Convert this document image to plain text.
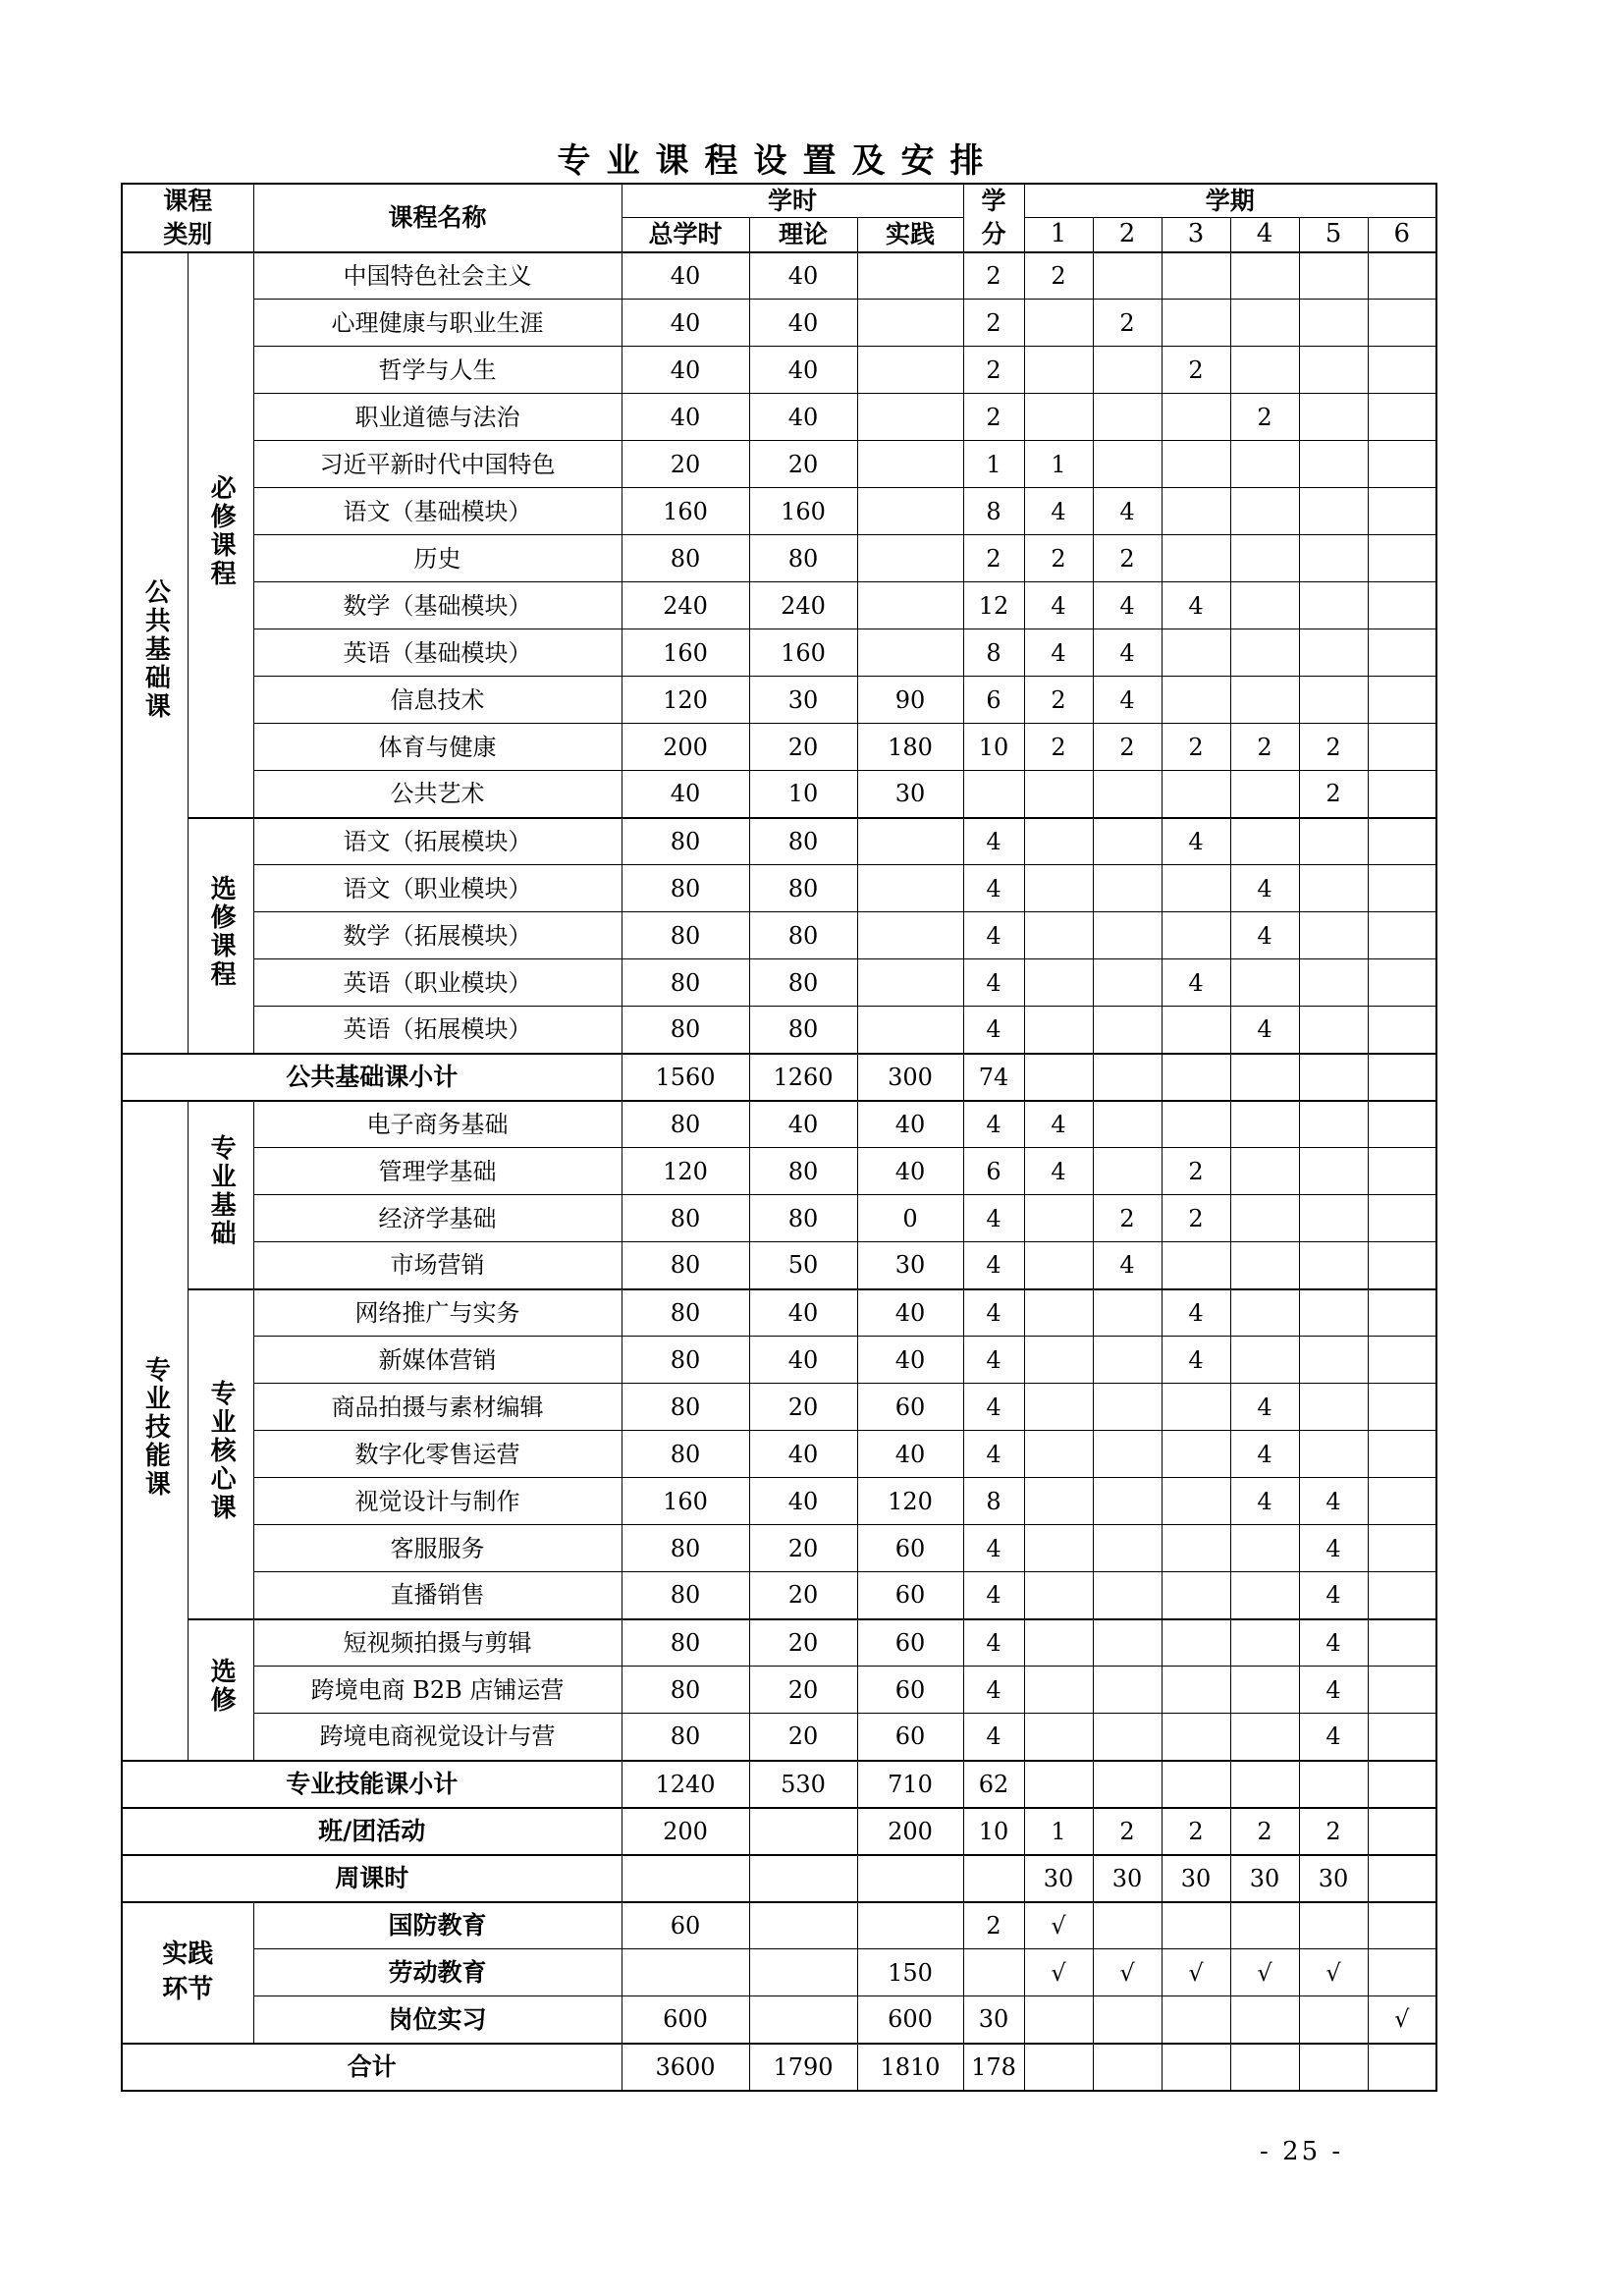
专业课程设置及安排
课程类别		课程名称	学时			学分	学期					
			总学时	理论	实践		1	2	3	4	5	6
公共基础课	必修课程	中国特色社会主义	40	40		2	2					
		心理健康与职业生涯	40	40		2		2				
		哲学与人生	40	40		2			2			
		职业道德与法治	40	40		2				2		
		习近平新时代中国特色	20	20		1	1					
		语文（基础模块）	160	160		8	4	4				
		历史	80	80		2	2	2				
		数学（基础模块）	240	240		12	4	4	4			
		英语（基础模块）	160	160		8	4	4				
		信息技术	120	30	90	6	2	4				
		体育与健康	200	20	180	10	2	2	2	2	2	
		公共艺术	40	10	30						2	
	选修课程	语文（拓展模块）	80	80		4			4			
		语文（职业模块）	80	80		4				4		
		数学（拓展模块）	80	80		4				4		
		英语（职业模块）	80	80		4			4			
		英语（拓展模块）	80	80		4				4		
公共基础课小计			1560	1260	300	74						
专业技能课	专业基础	电子商务基础	80	40	40	4	4					
		管理学基础	120	80	40	6	4		2			
		经济学基础	80	80	0	4		2	2			
		市场营销	80	50	30	4		4				
	专业核心课	网络推广与实务	80	40	40	4			4			
		新媒体营销	80	40	40	4			4			
		商品拍摄与素材编辑	80	20	60	4				4		
		数字化零售运营	80	40	40	4				4		
		视觉设计与制作	160	40	120	8				4	4	
		客服服务	80	20	60	4					4	
		直播销售	80	20	60	4					4	
	选修	短视频拍摄与剪辑	80	20	60	4					4	
		跨境电商 B2B 店铺运营	80	20	60	4					4	
		跨境电商视觉设计与营	80	20	60	4					4	
专业技能课小计			1240	530	710	62						
班/团活动			200		200	10	1	2	2	2	2	
周课时							30	30	30	30	30	
实践环节		国防教育	60			2	√					
		劳动教育			150		√	√	√	√	√	
		岗位实习	600		600	30						√
合计			3600	1790	1810	178						
- 25 -
